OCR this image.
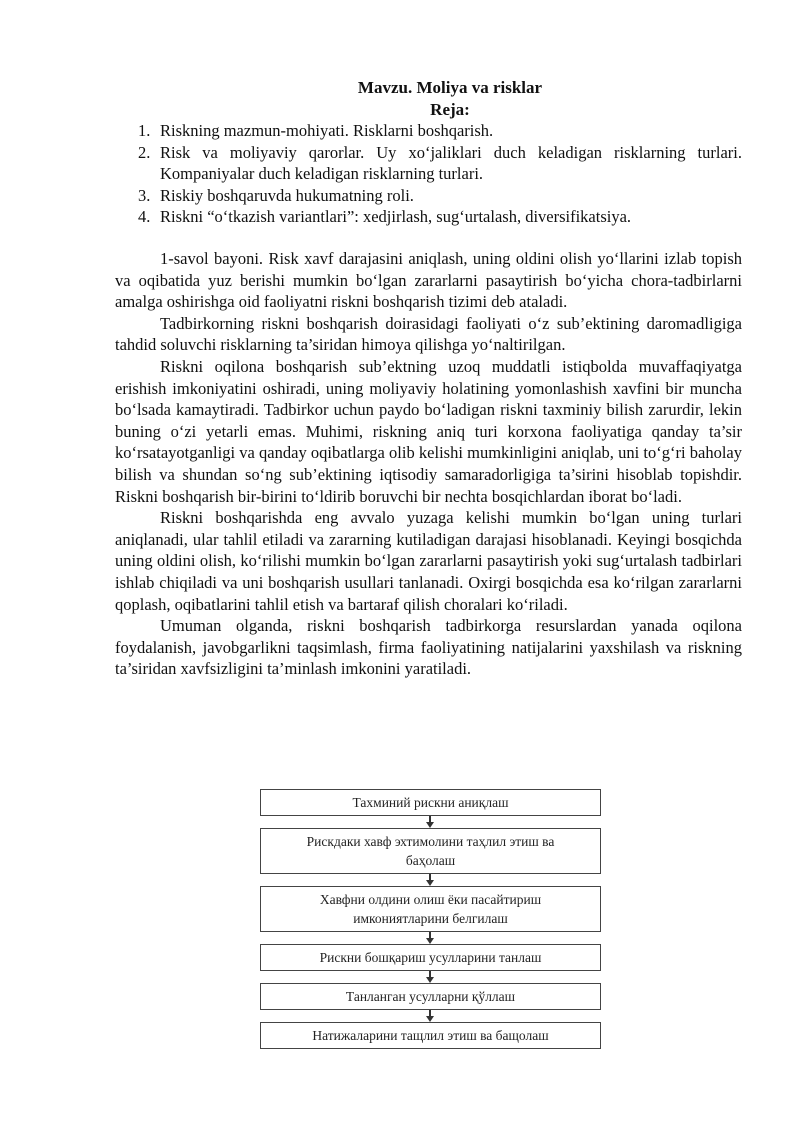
Mavzu. Moliya va risklar
Reja:
1. Riskning mazmun-mohiyati. Risklarni boshqarish.
2. Risk va moliyaviy qarorlar. Uy xo‘jaliklari duch keladigan risklarning turlari. Kompaniyalar duch keladigan risklarning turlari.
3. Riskiy boshqaruvda hukumatning roli.
4. Riskni “o‘tkazish variantlari”: xedjirlash, sug‘urtalash, diversifikatsiya.

1-savol bayoni. Risk xavf darajasini aniqlash, uning oldini olish yo‘llarini izlab topish va oqibatida yuz berishi mumkin bo‘lgan zararlarni pasaytirish bo‘yicha chora-tadbirlarni amalga oshirishga oid faoliyatni riskni boshqarish tizimi deb ataladi.

Tadbirkorning riskni boshqarish doirasidagi faoliyati o‘z sub’ektining daromadligiga tahdid soluvchi risklarning ta’siridan himoya qilishga yo‘naltirilgan.

Riskni oqilona boshqarish sub’ektning uzoq muddatli istiqbolda muvaffaqiyatga erishish imkoniyatini oshiradi, uning moliyaviy holatining yomonlashish xavfini bir muncha bo‘lsada kamaytiradi. Tadbirkor uchun paydo bo‘ladigan riskni taxminiy bilish zarurdir, lekin buning o‘zi yetarli emas. Muhimi, riskning aniq turi korxona faoliyatiga qanday ta’sir ko‘rsatayotganligi va qanday oqibatlarga olib kelishi mumkinligini aniqlab, uni to‘g‘ri baholay bilish va shundan so‘ng sub’ektining iqtisodiy samaradorligiga ta’sirini hisoblab topishdir. Riskni boshqarish bir-birini to‘ldirib boruvchi bir nechta bosqichlardan iborat bo‘ladi.

Riskni boshqarishda eng avvalo yuzaga kelishi mumkin bo‘lgan uning turlari aniqlanadi, ular tahlil etiladi va zararning kutiladigan darajasi hisoblanadi. Keyingi bosqichda uning oldini olish, ko‘rilishi mumkin bo‘lgan zararlarni pasaytirish yoki sug‘urtalash tadbirlari ishlab chiqiladi va uni boshqarish usullari tanlanadi. Oxirgi bosqichda esa ko‘rilgan zararlarni qoplash, oqibatlarini tahlil etish va bartaraf qilish choralari ko‘riladi.

Umuman olganda, riskni boshqarish tadbirkorga resurslardan yanada oqilona foydalanish, javobgarlikni taqsimlash, firma faoliyatining natijalarini yaxshilash va riskning ta’siridan xavfsizligini ta’minlash imkonini yaratiladi.

Тахминий рискни аниқлаш
Рискдаки хавф эхтимолини таҳлил этиш ва
баҳолаш
Хавфни олдини олиш ёки пасайтириш
имкониятларини белгилаш
Рискни бошқариш усулларини танлаш
Танланган усулларни қўллаш
Натижаларини тащлил этиш ва бащолаш
